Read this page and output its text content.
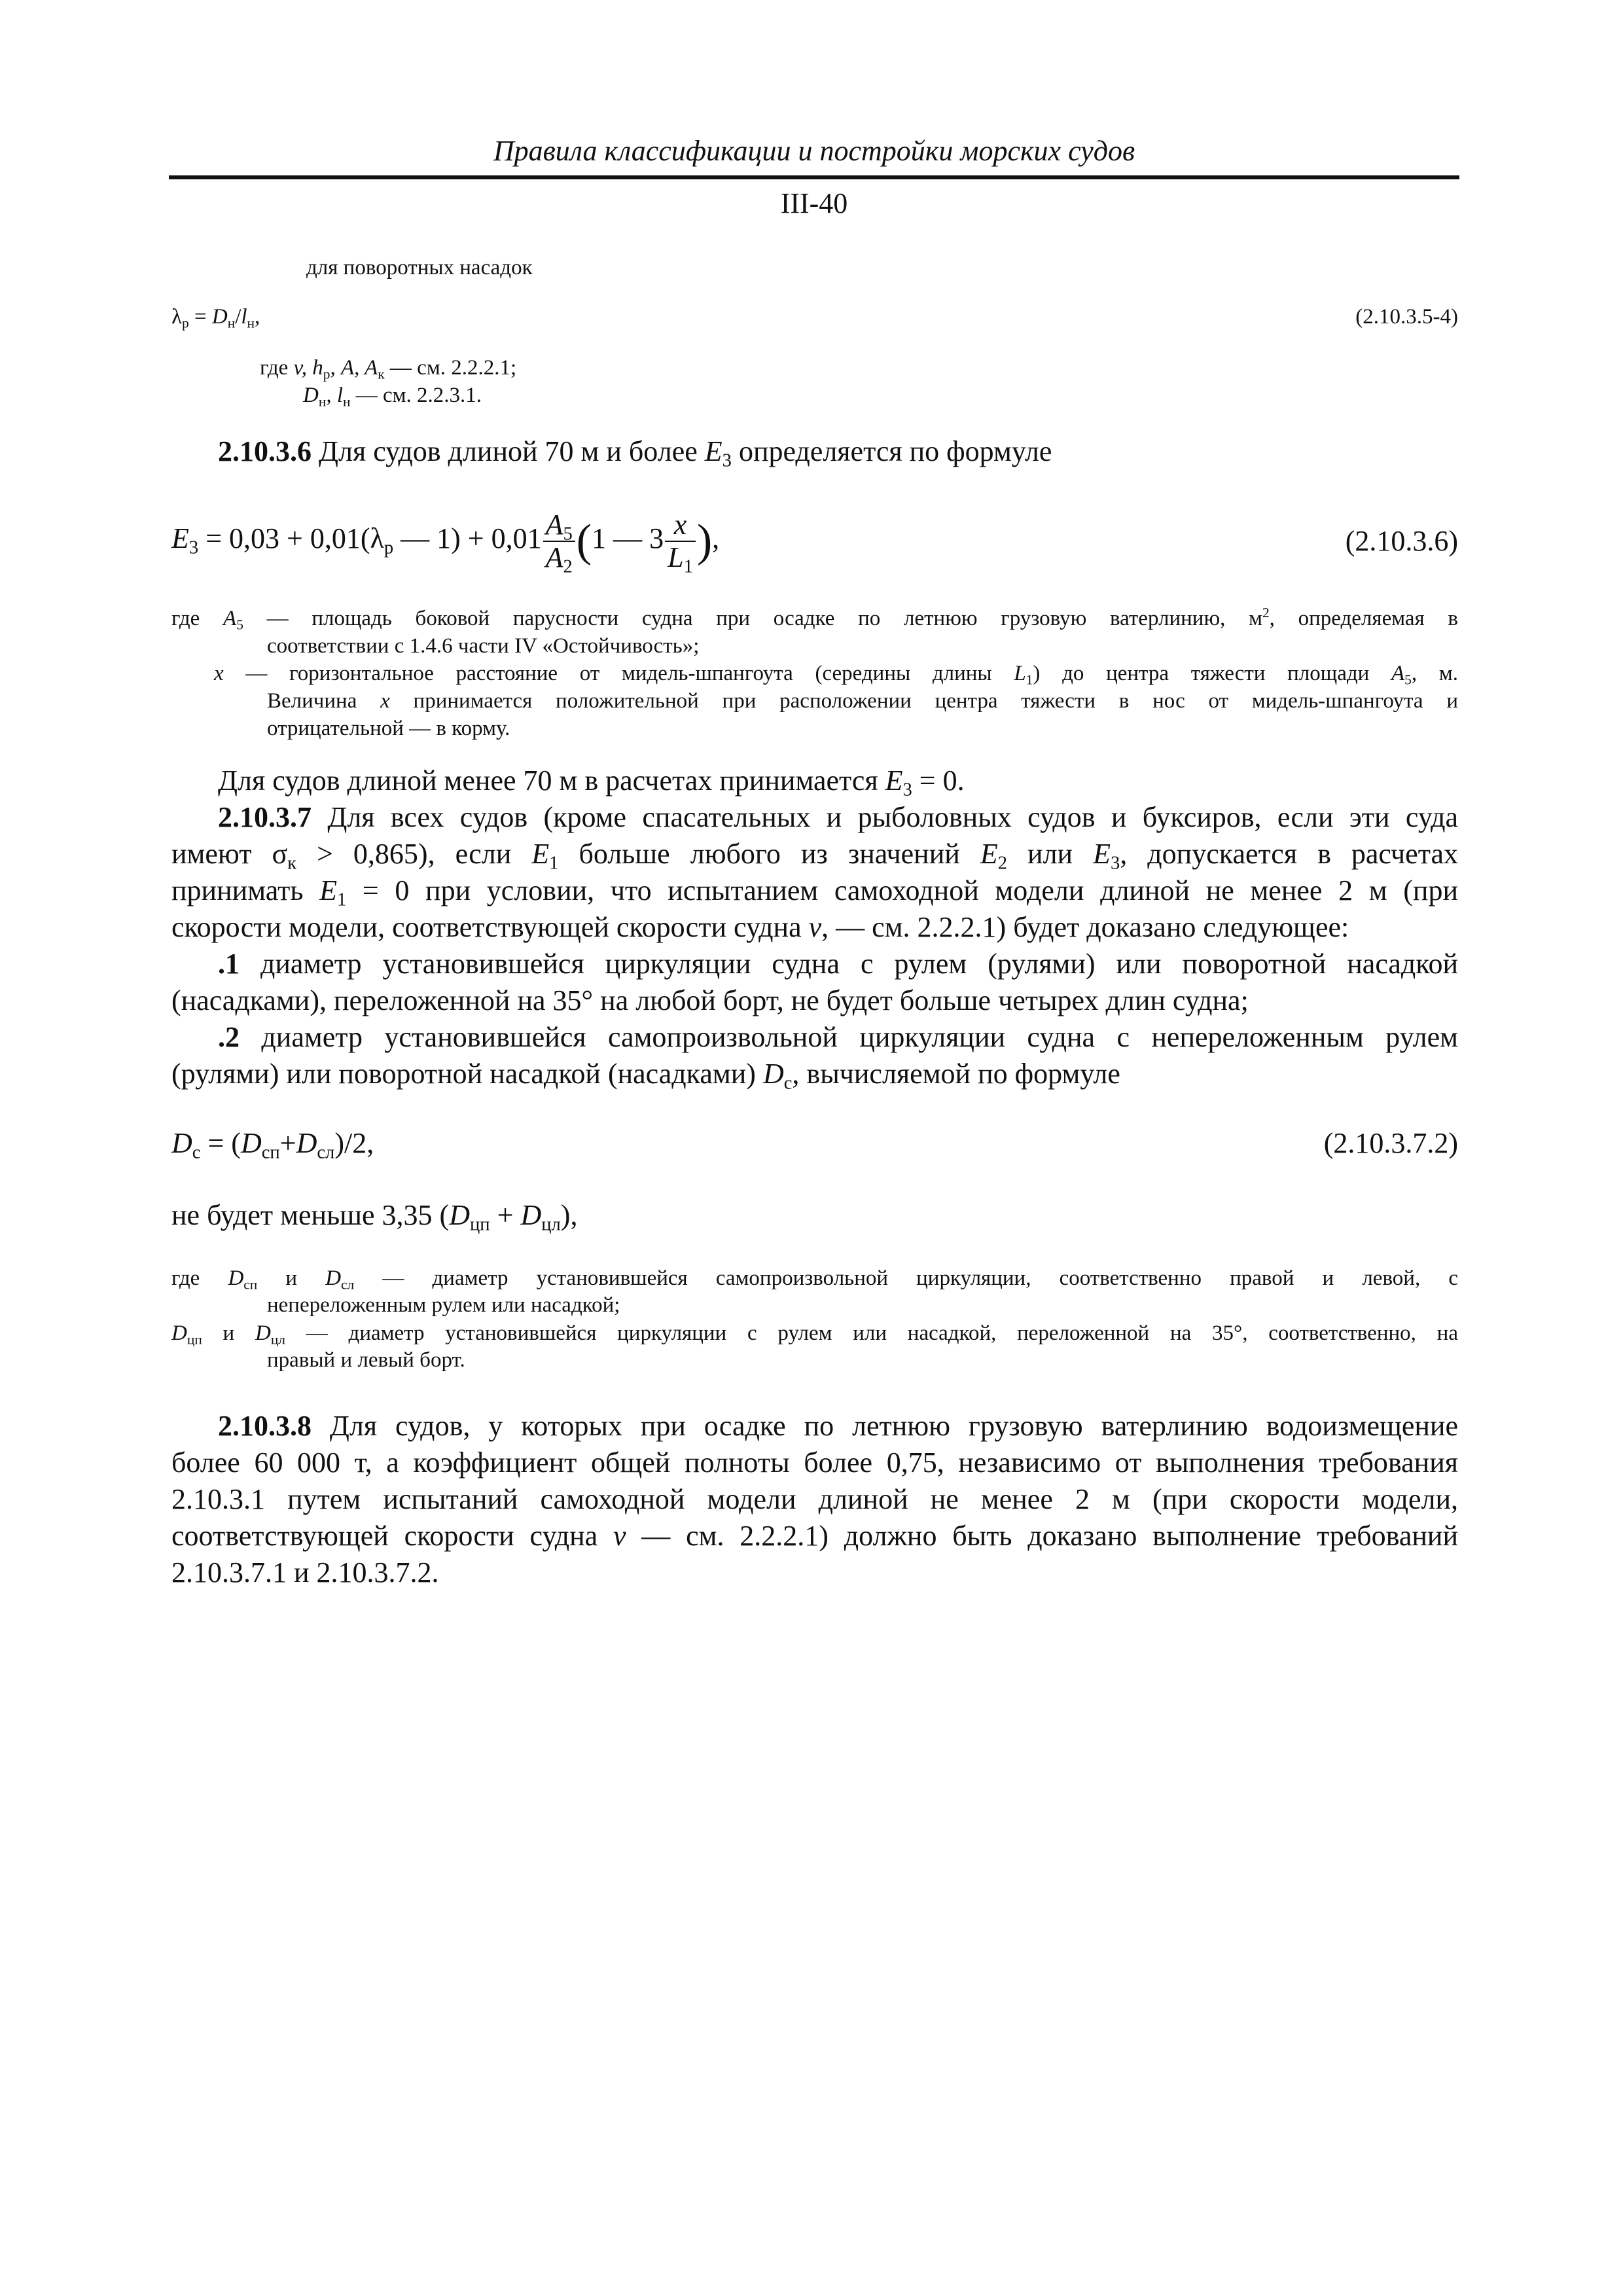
Правила классификации и постройки морских судов
III-40
для поворотных насадок
$\lambda_р = D_н/l_н$,	(2.10.3.5-4)
где v, $h_р$, A, $A_к$ — см. 2.2.2.1;
$D_н$, $l_н$ — см. 2.2.3.1.
2.10.3.6 Для судов длиной 70 м и более $E_3$ определяется по формуле
$E_3 = 0,03 + 0,01(\lambda_р$ — $1) + 0,01 \frac{A_5}{A_2} (1$ — $3 \frac{x}{L_1}$ ),	(2.10.3.6)
где $A_5$ — площадь боковой парусности судна при осадке по летнюю грузовую ватерлинию, $м^2$, определяемая в
соответствии с 1.4.6 части IV «Остойчивость»;
x — горизонтальное расстояние от мидель-шпангоута (середины длины $L_1$) до центра тяжести площади $A_5$, м.
Величина x принимается положительной при расположении центра тяжести в нос от мидель-шпангоута и
отрицательной — в корму.
Для судов длиной менее 70 м в расчетах принимается $E_3 = 0$.
2.10.3.7 Для всех судов (кроме спасательных и рыболовных судов и буксиров, если эти суда
имеют $\sigma_к > 0,865$), если $E_1$ больше любого из значений $E_2$ или $E_3$, допускается в расчетах
принимать $E_1 = 0$ при условии, что испытанием самоходной модели длиной не менее 2 м (при
скорости модели, соответствующей скорости судна v, — см. 2.2.2.1) будет доказано следующее:
.1 диаметр установившейся циркуляции судна с рулем (рулями) или поворотной насадкой
(насадками), переложенной на 35° на любой борт, не будет больше четырех длин судна;
.2 диаметр установившейся самопроизвольной циркуляции судна с непереложенным рулем
(рулями) или поворотной насадкой (насадками) $D_с$, вычисляемой по формуле
$D_с = (D_{сп}+D_{сл})/2$,	(2.10.3.7.2)
не будет меньше 3,35 $(D_{цп} + D_{цл})$,
где $D_{сп}$ и $D_{сл}$ — диаметр установившейся самопроизвольной циркуляции, соответственно правой и левой, с
непереложенным рулем или насадкой;
$D_{цп}$ и $D_{цл}$ — диаметр установившейся циркуляции с рулем или насадкой, переложенной на 35°, соответственно, на
правый и левый борт.
2.10.3.8 Для судов, у которых при осадке по летнюю грузовую ватерлинию водоизмещение
более 60 000 т, а коэффициент общей полноты более 0,75, независимо от выполнения требования
2.10.3.1 путем испытаний самоходной модели длиной не менее 2 м (при скорости модели,
соответствующей скорости судна v — см. 2.2.2.1) должно быть доказано выполнение требований
2.10.3.7.1 и 2.10.3.7.2.
